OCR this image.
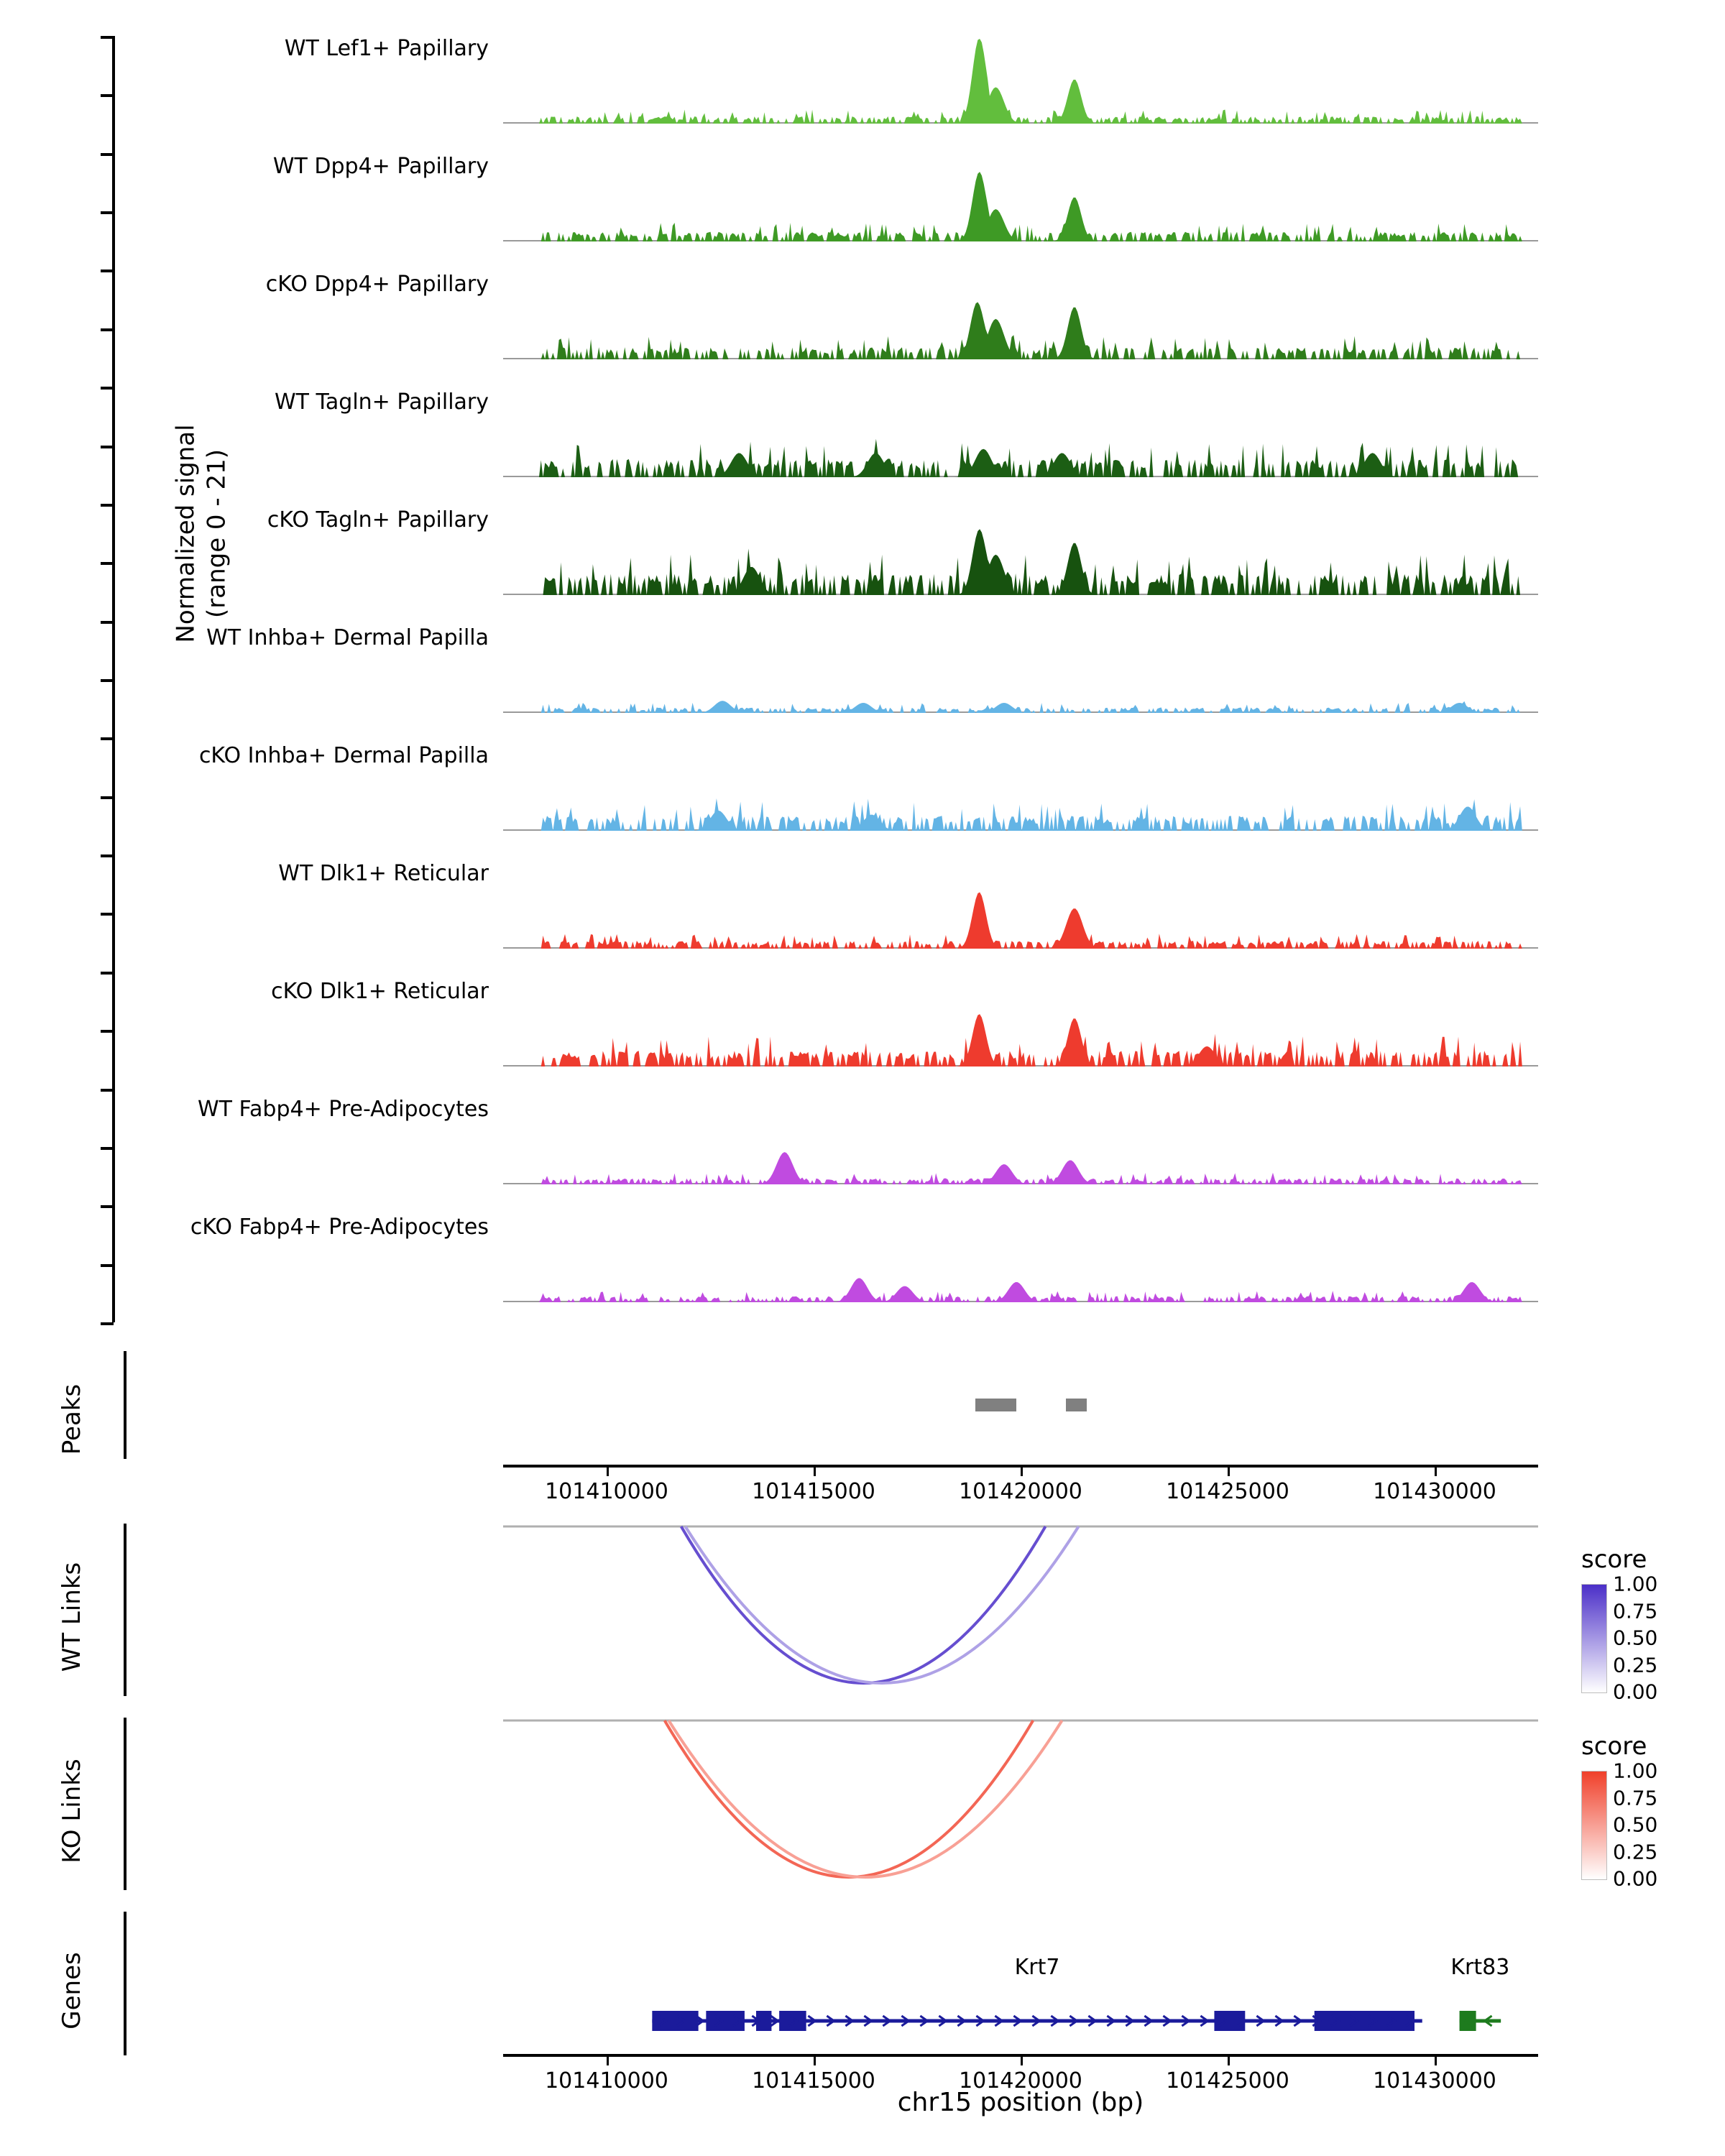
Normalized signal (range 0 - 21)
WT Lef1+ Papillary
WT Dpp4+ Papillary
cKO Dpp4+ Papillary
WT Tagln+ Papillary
cKO Tagln+ Papillary
WT Inhba+ Dermal Papilla
cKO Inhba+ Dermal Papilla
WT Dlk1+ Reticular
cKO Dlk1+ Reticular
WT Fabp4+ Pre-Adipocytes
cKO Fabp4+ Pre-Adipocytes
Peaks
101410000	101415000	101420000	101425000	101430000
WT Links
score
1.00
0.75
0.50
0.25
0.00
KO Links
score
1.00
0.75
0.50
0.25
0.00
Genes	Krt7	Krt83
101410000	101415000	101420000	101425000	101430000
chr15 position (bp)
